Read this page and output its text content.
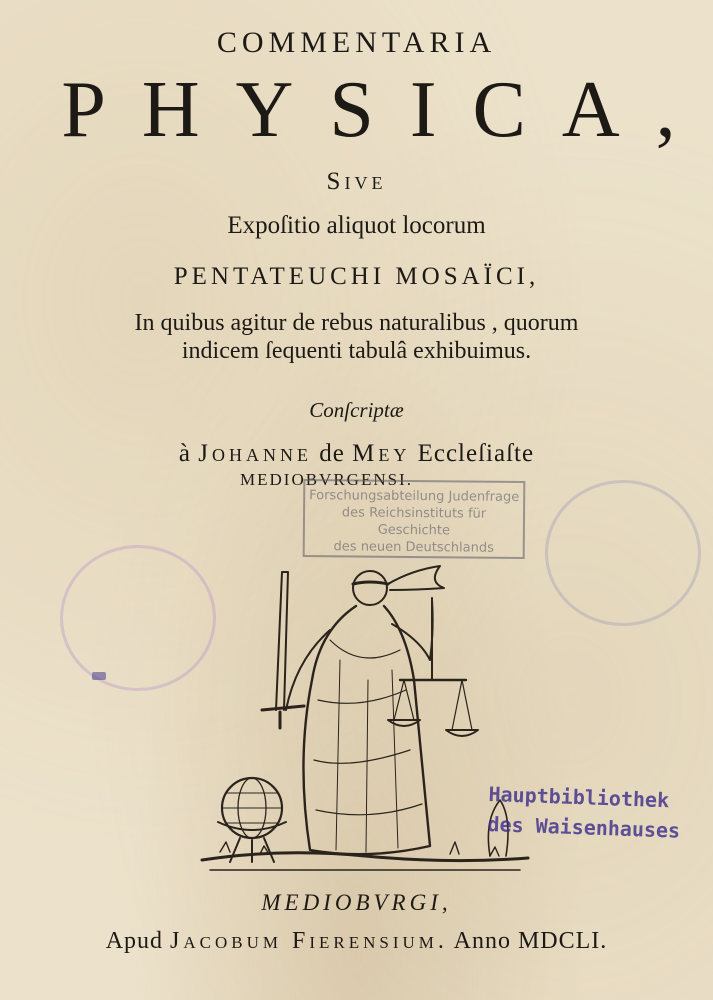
COMMENTARIA
PHYSICA,
Sive
Expoſitio aliquot locorum
PENTATEUCHI MOSAÏCI,
In quibus agitur de rebus naturalibus , quorum
indicem ſequenti tabulâ exhibuimus.
Conſcriptæ
à Johanne de Mey Eccleſiaſte
MEDIOBVRGENSI.
Forschungsabteilung Judenfrage
des Reichsinstituts für Geschichte
des neuen Deutschlands
Hauptbibliothek
des Waisenhauses
MEDIOBVRGI,
Apud Jacobum Fierensium. Anno MDCLI.
